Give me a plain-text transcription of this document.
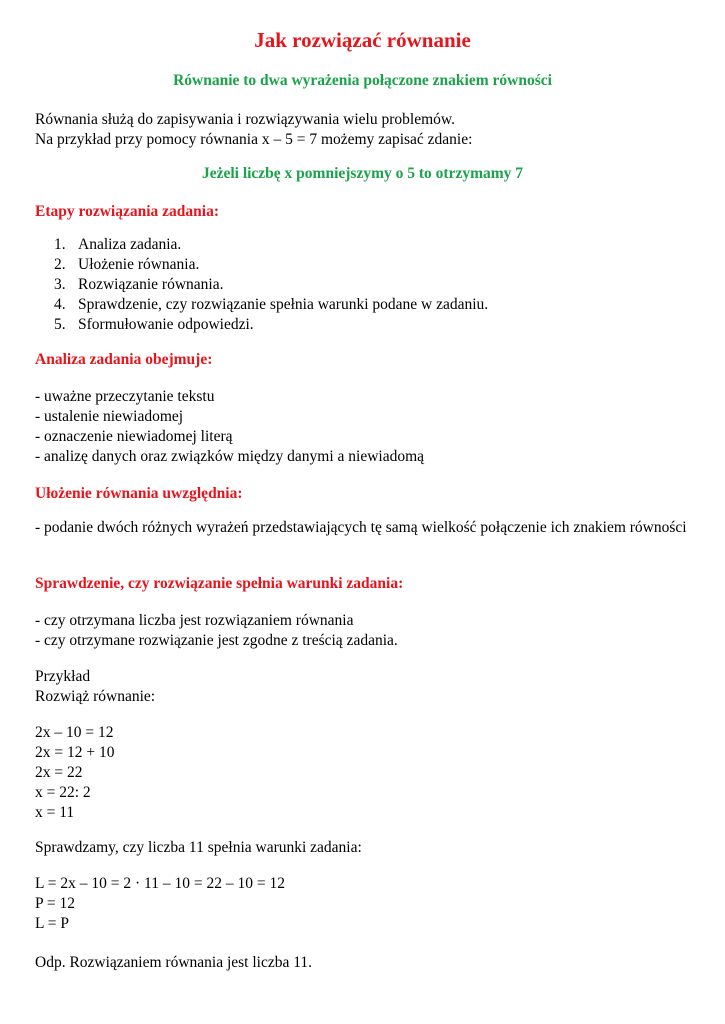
Jak rozwiązać równanie

Równanie to dwa wyrażenia połączone znakiem równości

Równania służą do zapisywania i rozwiązywania wielu problemów.
Na przykład przy pomocy równania x – 5 = 7 możemy zapisać zdanie:

Jeżeli liczbę x pomniejszymy o 5 to otrzymamy 7

Etapy rozwiązania zadania:

1. Analiza zadania.
2. Ułożenie równania.
3. Rozwiązanie równania.
4. Sprawdzenie, czy rozwiązanie spełnia warunki podane w zadaniu.
5. Sformułowanie odpowiedzi.

Analiza zadania obejmuje:

- uważne przeczytanie tekstu
- ustalenie niewiadomej
- oznaczenie niewiadomej literą
- analizę danych oraz związków między danymi a niewiadomą

Ułożenie równania uwzględnia:

- podanie dwóch różnych wyrażeń przedstawiających tę samą wielkość połączenie ich znakiem równości

Sprawdzenie, czy rozwiązanie spełnia warunki zadania:

- czy otrzymana liczba jest rozwiązaniem równania
- czy otrzymane rozwiązanie jest zgodne z treścią zadania.
Przykład
Rozwiąż równanie:
2x – 10 = 12
2x = 12 + 10
2x = 22
x = 22: 2
x = 11
Sprawdzamy, czy liczba 11 spełnia warunki zadania:
L = 2x – 10 = 2 · 11 – 10 = 22 – 10 = 12
P = 12
L = P
Odp. Rozwiązaniem równania jest liczba 11.
